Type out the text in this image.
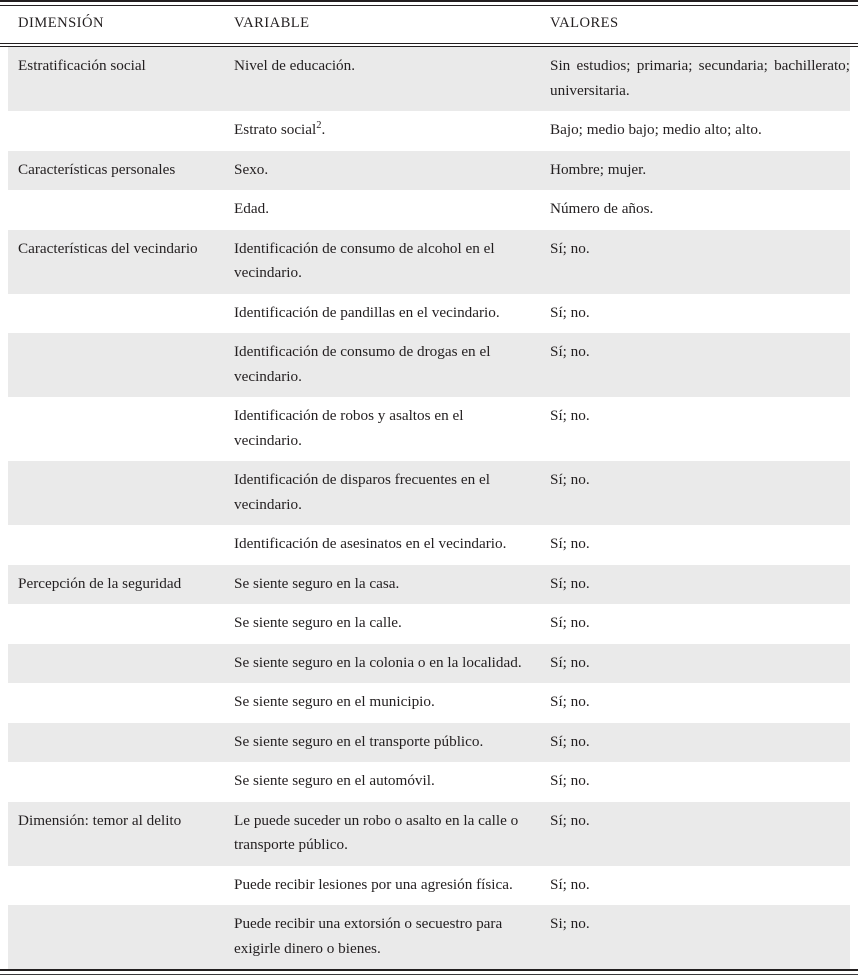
DIMENSIÓN	VARIABLE	VALORES

Estratificación social	Nivel de educación.	Sin estudios; primaria; secundaria; bachillerato; universitaria.

	Estrato social$^2$.	Bajo; medio bajo; medio alto; alto.
Características personales	Sexo.	Hombre; mujer.
	Edad.	Número de años.
Características del vecindario	Identificación de consumo de alcohol en el vecindario.	Sí; no.
	Identificación de pandillas en el vecindario.	Sí; no.
	Identificación de consumo de drogas en el vecindario.	Sí; no.
	Identificación de robos y asaltos en el vecindario.	Sí; no.
	Identificación de disparos frecuentes en el vecindario.	Sí; no.
	Identificación de asesinatos en el vecindario.	Sí; no.
Percepción de la seguridad	Se siente seguro en la casa.	Sí; no.
	Se siente seguro en la calle.	Sí; no.
	Se siente seguro en la colonia o en la localidad.	Sí; no.
	Se siente seguro en el municipio.	Sí; no.
	Se siente seguro en el transporte público.	Sí; no.
	Se siente seguro en el automóvil.	Sí; no.
Dimensión: temor al delito	Le puede suceder un robo o asalto en la calle o transporte público.	Sí; no.
	Puede recibir lesiones por una agresión física.	Sí; no.
	Puede recibir una extorsión o secuestro para exigirle dinero o bienes.	Si; no.
